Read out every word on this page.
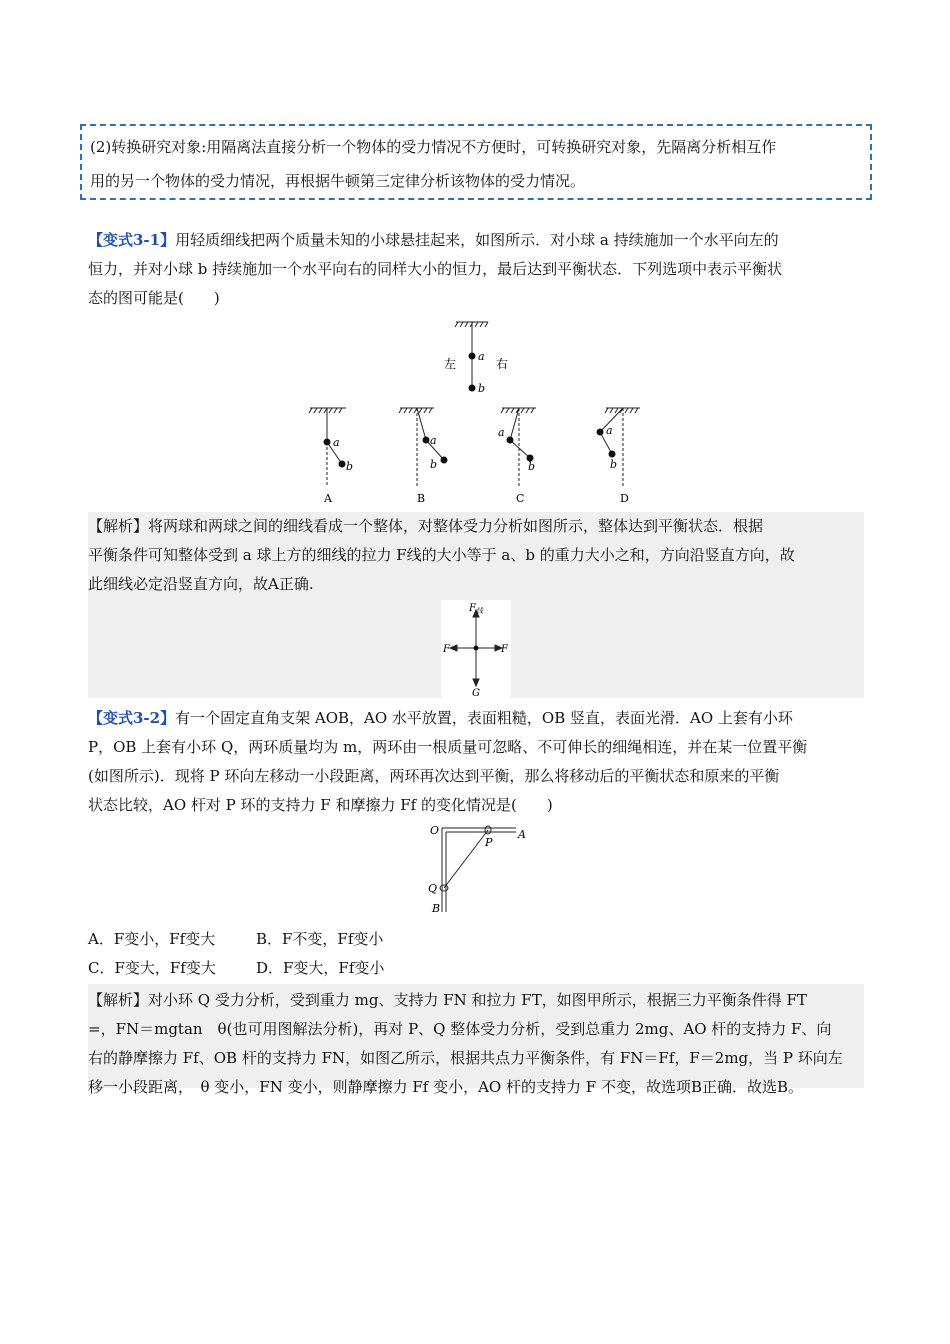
(2)转换研究对象:用隔离法直接分析一个物体的受力情况不方便时，可转换研究对象，先隔离分析相互作
用的另一个物体的受力情况，再根据牛顿第三定律分析该物体的受力情况。
【变式3-1】用轻质细线把两个质量未知的小球悬挂起来，如图所示．对小球 a 持续施加一个水平向左的
恒力，并对小球 b 持续施加一个水平向右的同样大小的恒力，最后达到平衡状态．下列选项中表示平衡状
态的图可能是(　　)
左	右
a
b
a
b
A
a
b
B
a
b
C
a
b
D
【解析】将两球和两球之间的细线看成一个整体，对整体受力分析如图所示，整体达到平衡状态．根据
平衡条件可知整体受到 a 球上方的细线的拉力 F线的大小等于 a、b 的重力大小之和，方向沿竖直方向，故
此细线必定沿竖直方向，故A正确.
$F_线$
F	F
G
【变式3-2】有一个固定直角支架 AOB，AO 水平放置，表面粗糙，OB 竖直，表面光滑．AO 上套有小环
P，OB 上套有小环 Q，两环质量均为 m，两环由一根质量可忽略、不可伸长的细绳相连，并在某一位置平衡
(如图所示)．现将 P 环向左移动一小段距离，两环再次达到平衡，那么将移动后的平衡状态和原来的平衡
状态比较，AO 杆对 P 环的支持力 F 和摩擦力 Ff 的变化情况是(　　)
O	A
P
Q
B
A．F变小，Ff变大	B．F不变，Ff变小
C．F变大，Ff变大	D．F变大，Ff变小
【解析】对小环 Q 受力分析，受到重力 mg、支持力 FN 和拉力 FT，如图甲所示，根据三力平衡条件得 FT
=，FN＝mgtan　θ(也可用图解法分析)，再对 P、Q 整体受力分析，受到总重力 2mg、AO 杆的支持力 F、向
右的静摩擦力 Ff、OB 杆的支持力 FN，如图乙所示，根据共点力平衡条件，有 FN＝Ff，F＝2mg，当 P 环向左
移一小段距离，　θ 变小，FN 变小，则静摩擦力 Ff 变小，AO 杆的支持力 F 不变，故选项B正确．故选B。
